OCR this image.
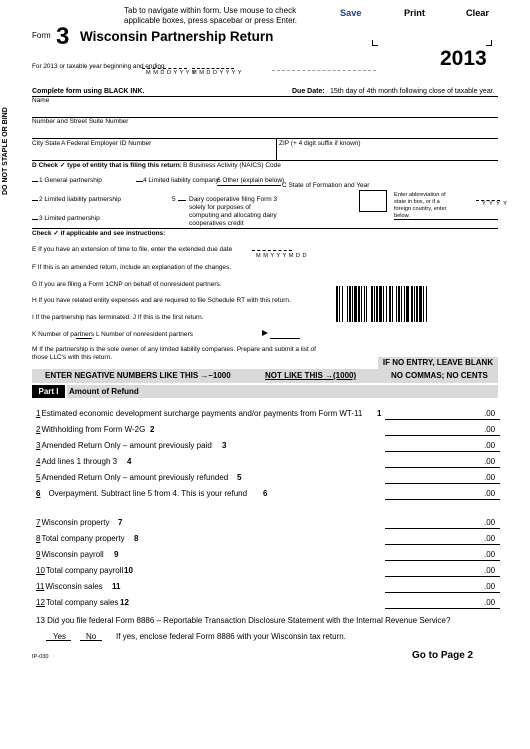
Tab to navigate within form. Use mouse to check applicable boxes, press spacebar or press Enter.
Save	Print	Clear
Form 3 Wisconsin Partnership Return
2013
For 2013 or taxable year beginning and ending
M M D D Y Y Y Y
M M D D Y Y Y Y
DO NOT STAPLE OR BIND
Complete form using BLACK INK.	Due Date: 15th day of 4th month following close of taxable year.
Name
Number and Street Suite Number
City State A Federal Employer ID Number	ZIP (+ 4 digit suffix if known)
D Check ✓ type of entity that is filing this return: B Business Activity (NAICS) Code
1 General partnership
2 Limited liability partnership
3 Limited partnership
4 Limited liability company
5 Dairy cooperative filing Form 3 solely for purposes of computing and allocating dairy cooperatives credit
6 Other (explain below)
C State of Formation and Year
Enter abbreviation of state in box, or if a foreign country, enter below.
Y Y Y Y
Check ✓ if applicable and see instructions:
E If you have an extension of time to file, enter the extended due date
M M Y Y Y M D D
F If this is an amended return, include an explanation of the changes.
G If you are filing a Form 1CNP on behalf of nonresident partners.
H If you have related entity expenses and are required to file Schedule RT with this return.
I If the partnership has terminated. J If this is the first return.
K Number of partners L Number of nonresident partners
M If the partnership is the sole owner of any limited liability companies. Prepare and submit a list of those LLC's with this return.
IF NO ENTRY, LEAVE BLANK
ENTER NEGATIVE NUMBERS LIKE THIS →–1000	NOT LIKE THIS →(1000)	NO COMMAS; NO CENTS
Part I	Amount of Refund
1Estimated economic development surcharge payments and/or payments from Form WT-11 1	.00
2Withholding from Form W-2G 2	.00
3Amended Return Only – amount previously paid 3	.00
4Add lines 1 through 3 4	.00
5Amended Return Only – amount previously refunded 5	.00
6 Overpayment. Subtract line 5 from 4. This is your refund 6	.00
7Wisconsin property 7	.00
8Total company property 8	.00
9Wisconsin payroll 9	.00
10Total company payroll 10	.00
11Wisconsin sales 11	.00
12Total company sales 12	.00
13 Did you file federal Form 8886 – Reportable Transaction Disclosure Statement with the Internal Revenue Service?
Yes No If yes, enclose federal Form 8886 with your Wisconsin tax return.
IP-030	Go to Page 2
